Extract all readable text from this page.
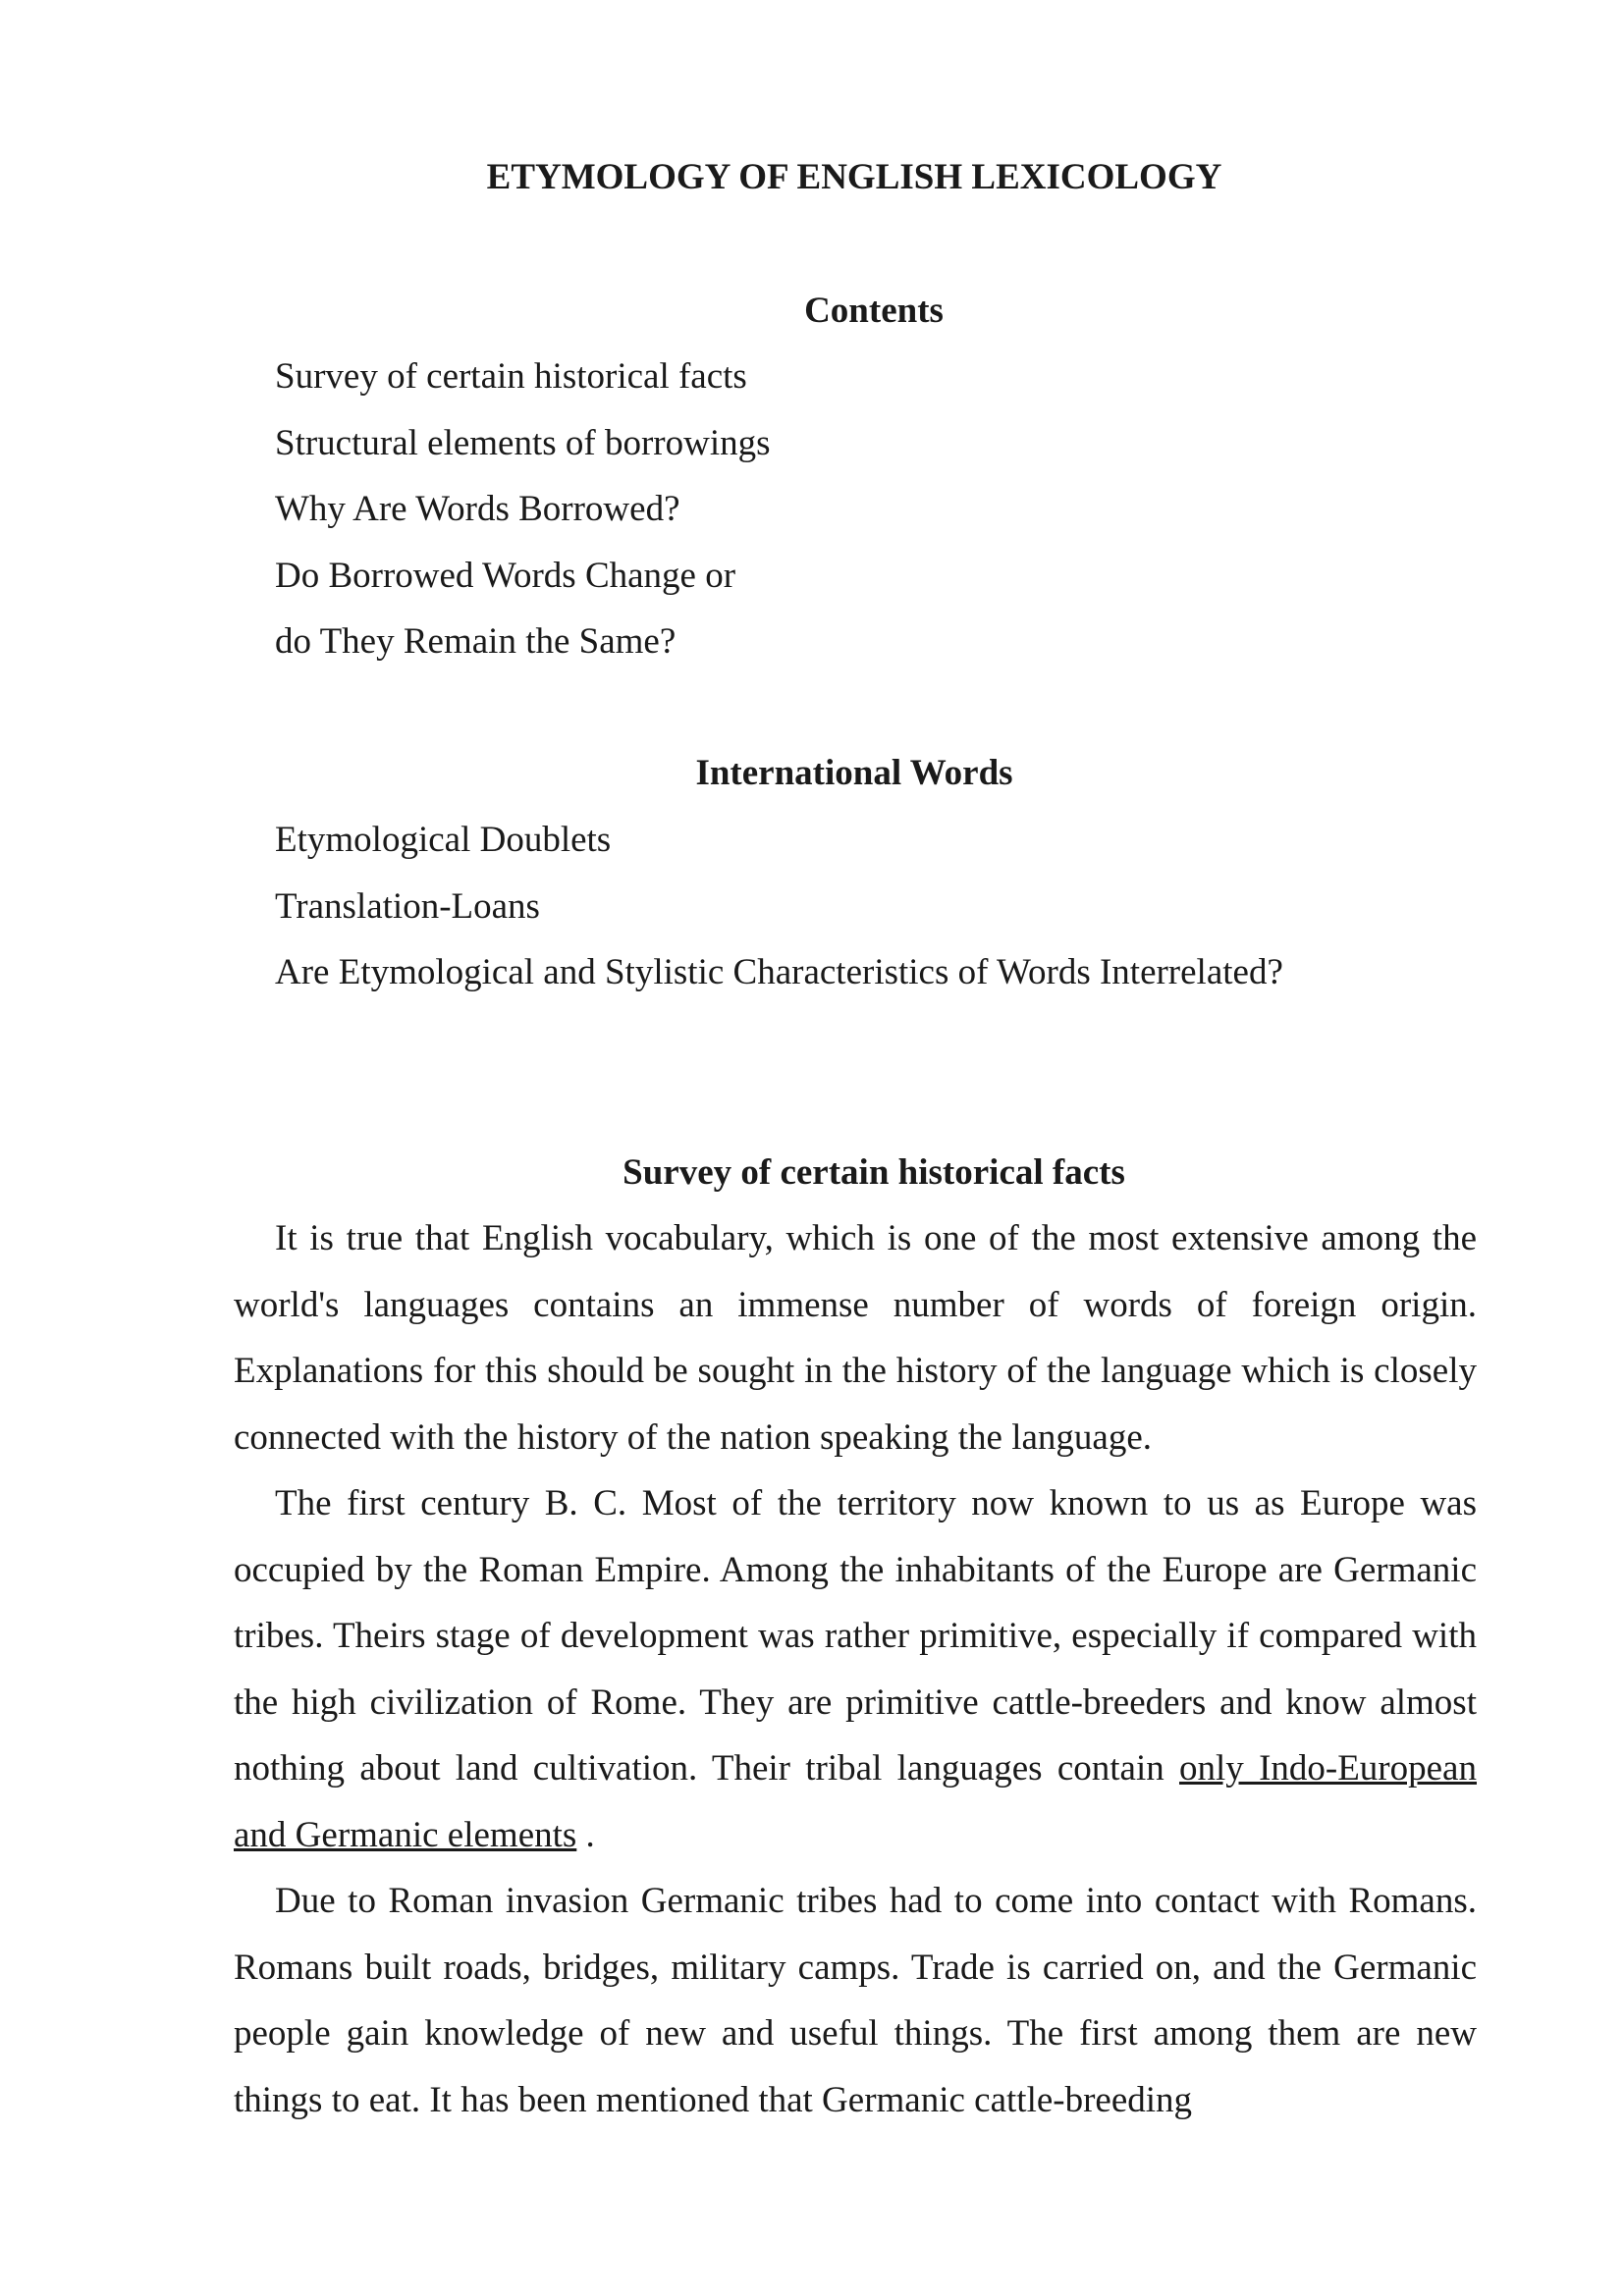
ETYMOLOGY OF ENGLISH LEXICOLOGY
Contents
Survey of certain historical facts
Structural elements of borrowings
Why Are Words Borrowed?
Do Borrowed Words Change or
do They Remain the Same?
International Words
Etymological Doublets
Translation-Loans
Are Etymological and Stylistic Characteristics of Words Interrelated?
Survey of certain historical facts

It is true that English vocabulary, which is one of the most extensive among the world's languages contains an immense number of words of foreign origin. Explanations for this should be sought in the history of the language which is closely connected with the history of the nation speaking the language.

The first century B. C. Most of the territory now known to us as Europe was occupied by the Roman Empire. Among the inhabitants of the Europe are Germanic tribes. Theirs stage of development was rather primitive, especially if compared with the high civilization of Rome. They are primitive cattle-breeders and know almost nothing about land cultivation. Their tribal languages contain only Indo-European and Germanic elements .

Due to Roman invasion Germanic tribes had to come into contact with Romans. Romans built roads, bridges, military camps. Trade is carried on, and the Germanic people gain knowledge of new and useful things. The first among them are new things to eat. It has been mentioned that Germanic cattle-breeding
